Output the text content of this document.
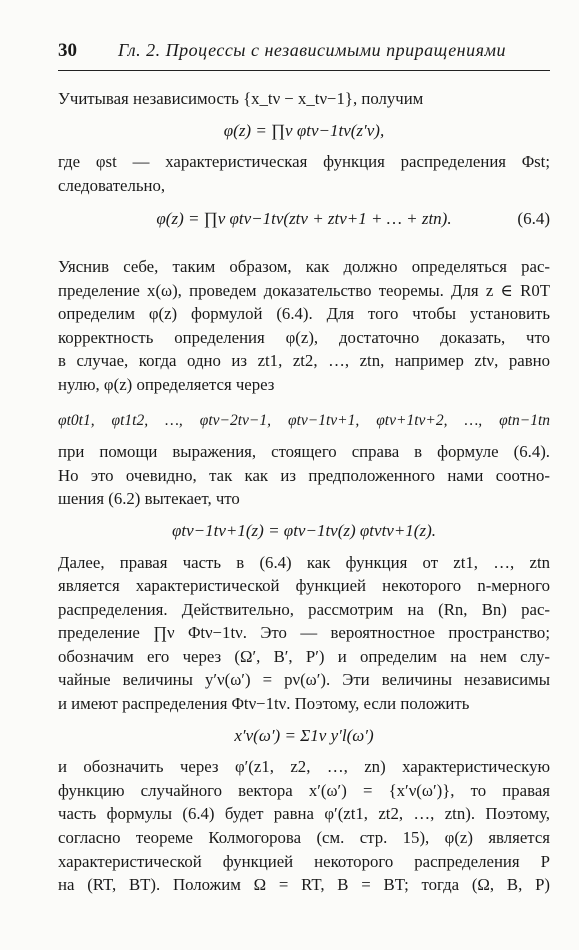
30	Гл. 2. Процессы с независимыми приращениями
Учитывая независимость {x_tν − x_tν−1}, получим
φ(z) = ∏ν φtν−1tν(z′ν),
где φst — характеристическая функция распределения Φst;
следовательно,
φ(z) = ∏ν φtν−1tν(ztν + ztν+1 + … + ztn).	(6.4)

Уяснив себе, таким образом, как должно определяться рас-
пределение x(ω), проведем доказательство теоремы. Для z ∈ R0T
определим φ(z) формулой (6.4). Для того чтобы установить
корректность определения φ(z), достаточно доказать, что
в случае, когда одно из zt1, zt2, …, ztn, например ztν, равно
нулю, φ(z) определяется через

φt0t1, φt1t2, …, φtν−2tν−1, φtν−1tν+1, φtν+1tν+2, …, φtn−1tn

при помощи выражения, стоящего справа в формуле (6.4).
Но это очевидно, так как из предположенного нами соотно-
шения (6.2) вытекает, что

φtν−1tν+1(z) = φtν−1tν(z) φtνtν+1(z).

Далее, правая часть в (6.4) как функция от zt1, …, ztn
является характеристической функцией некоторого n-мерного
распределения. Действительно, рассмотрим на (Rn, Bn) рас-
пределение ∏ν Φtν−1tν. Это — вероятностное пространство;
обозначим его через (Ω′, B′, P′) и определим на нем слу-
чайные величины y′ν(ω′) = pν(ω′). Эти величины независимы
и имеют распределения Φtν−1tν. Поэтому, если положить

x′ν(ω′) = Σ1ν y′l(ω′)

и обозначить через φ′(z1, z2, …, zn) характеристическую
функцию случайного вектора x′(ω′) = {x′ν(ω′)}, то правая
часть формулы (6.4) будет равна φ′(zt1, zt2, …, ztn). Поэтому,
согласно теореме Колмогорова (см. стр. 15), φ(z) является
характеристической функцией некоторого распределения P
на (RT, BT). Положим Ω = RT, B = BT; тогда (Ω, B, P)
